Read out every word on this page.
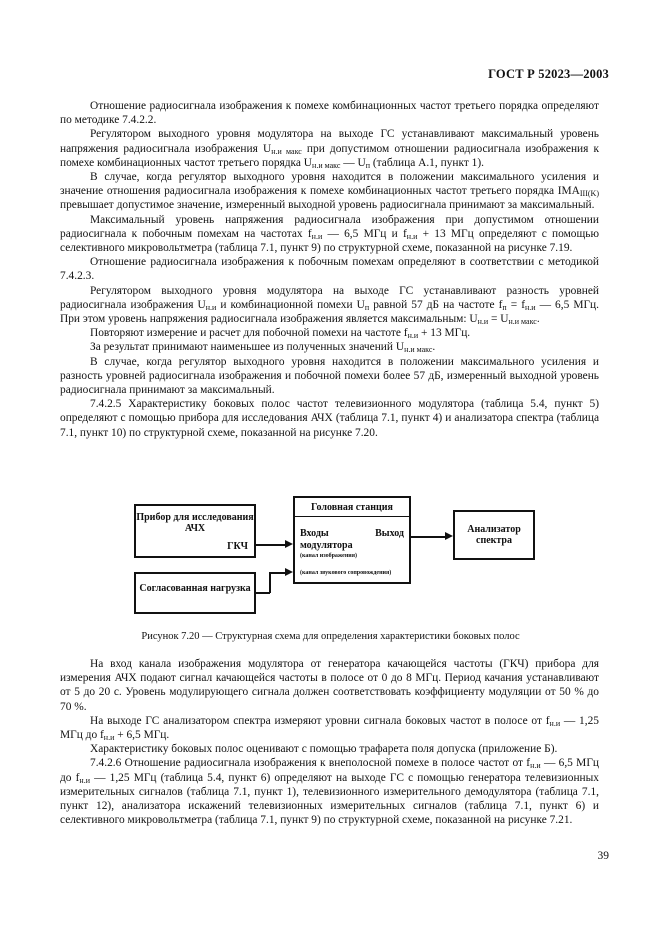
ГОСТ Р 52023—2003

Отношение радиосигнала изображения к помехе комбинационных частот третьего порядка определяют по методике 7.4.2.2.

Регулятором выходного уровня модулятора на выходе ГС устанавливают максимальный уровень напряжения радиосигнала изображения $U_{н.и макс}$ при допустимом отношении радиосигнала изображения к помехе комбинационных частот третьего порядка $U_{н.и макс}$ — $U_п$ (таблица А.1, пункт 1).

В случае, когда регулятор выходного уровня находится в положении максимального усиления и значение отношения радиосигнала изображения к помехе комбинационных частот третьего порядка $IMA_{III(K)}$ превышает допустимое значение, измеренный выходной уровень радиосигнала принимают за максимальный.

Максимальный уровень напряжения радиосигнала изображения при допустимом отношении радиосигнала к побочным помехам на частотах $f_{н.и}$ — 6,5 МГц и $f_{н.и} + 13$ МГц определяют с помощью селективного микровольтметра (таблица 7.1, пункт 9) по структурной схеме, показанной на рисунке 7.19.

Отношение радиосигнала изображения к побочным помехам определяют в соответствии с методикой 7.4.2.3.

Регулятором выходного уровня модулятора на выходе ГС устанавливают разность уровней радиосигнала изображения $U_{н.и}$ и комбинационной помехи $U_п$ равной 57 дБ на частоте $f_п = f_{н.и}$ — 6,5 МГц. При этом уровень напряжения радиосигнала изображения является максимальным: $U_{н.и} = U_{н.и макс}$.

Повторяют измерение и расчет для побочной помехи на частоте $f_{н.и} + 13$ МГц.

За результат принимают наименьшее из полученных значений $U_{н.и макс}$.

В случае, когда регулятор выходного уровня находится в положении максимального усиления и разность уровней радиосигнала изображения и побочной помехи более 57 дБ, измеренный выходной уровень радиосигнала принимают за максимальный.

7.4.2.5 Характеристику боковых полос частот телевизионного модулятора (таблица 5.4, пункт 5) определяют с помощью прибора для исследования АЧХ (таблица 7.1, пункт 4) и анализатора спектра (таблица 7.1, пункт 10) по структурной схеме, показанной на рисунке 7.20.

Прибор для исследования АЧХ
ГКЧ
Согласованная нагрузка
Головная станция
Входы	Выход
модулятора
(канал изображения)
(канал звукового сопровождения)
Анализатор спектра
Рисунок 7.20 — Структурная схема для определения характеристики боковых полос

На вход канала изображения модулятора от генератора качающейся частоты (ГКЧ) прибора для измерения АЧХ подают сигнал качающейся частоты в полосе от 0 до 8 МГц. Период качания устанавливают от 5 до 20 с. Уровень модулирующего сигнала должен соответствовать коэффициенту модуляции от 50 % до 70 %.

На выходе ГС анализатором спектра измеряют уровни сигнала боковых частот в полосе от $f_{н.и}$ — 1,25 МГц до $f_{н.и} + 6,5$ МГц.

Характеристику боковых полос оценивают с помощью трафарета поля допуска (приложение Б).

7.4.2.6 Отношение радиосигнала изображения к внеполосной помехе в полосе частот от $f_{н.и}$ — 6,5 МГц до $f_{н.и}$ — 1,25 МГц (таблица 5.4, пункт 6) определяют на выходе ГС с помощью генератора телевизионных измерительных сигналов (таблица 7.1, пункт 1), телевизионного измерительного демодулятора (таблица 7.1, пункт 12), анализатора искажений телевизионных измерительных сигналов (таблица 7.1, пункт 6) и селективного микровольтметра (таблица 7.1, пункт 9) по структурной схеме, показанной на рисунке 7.21.

39
